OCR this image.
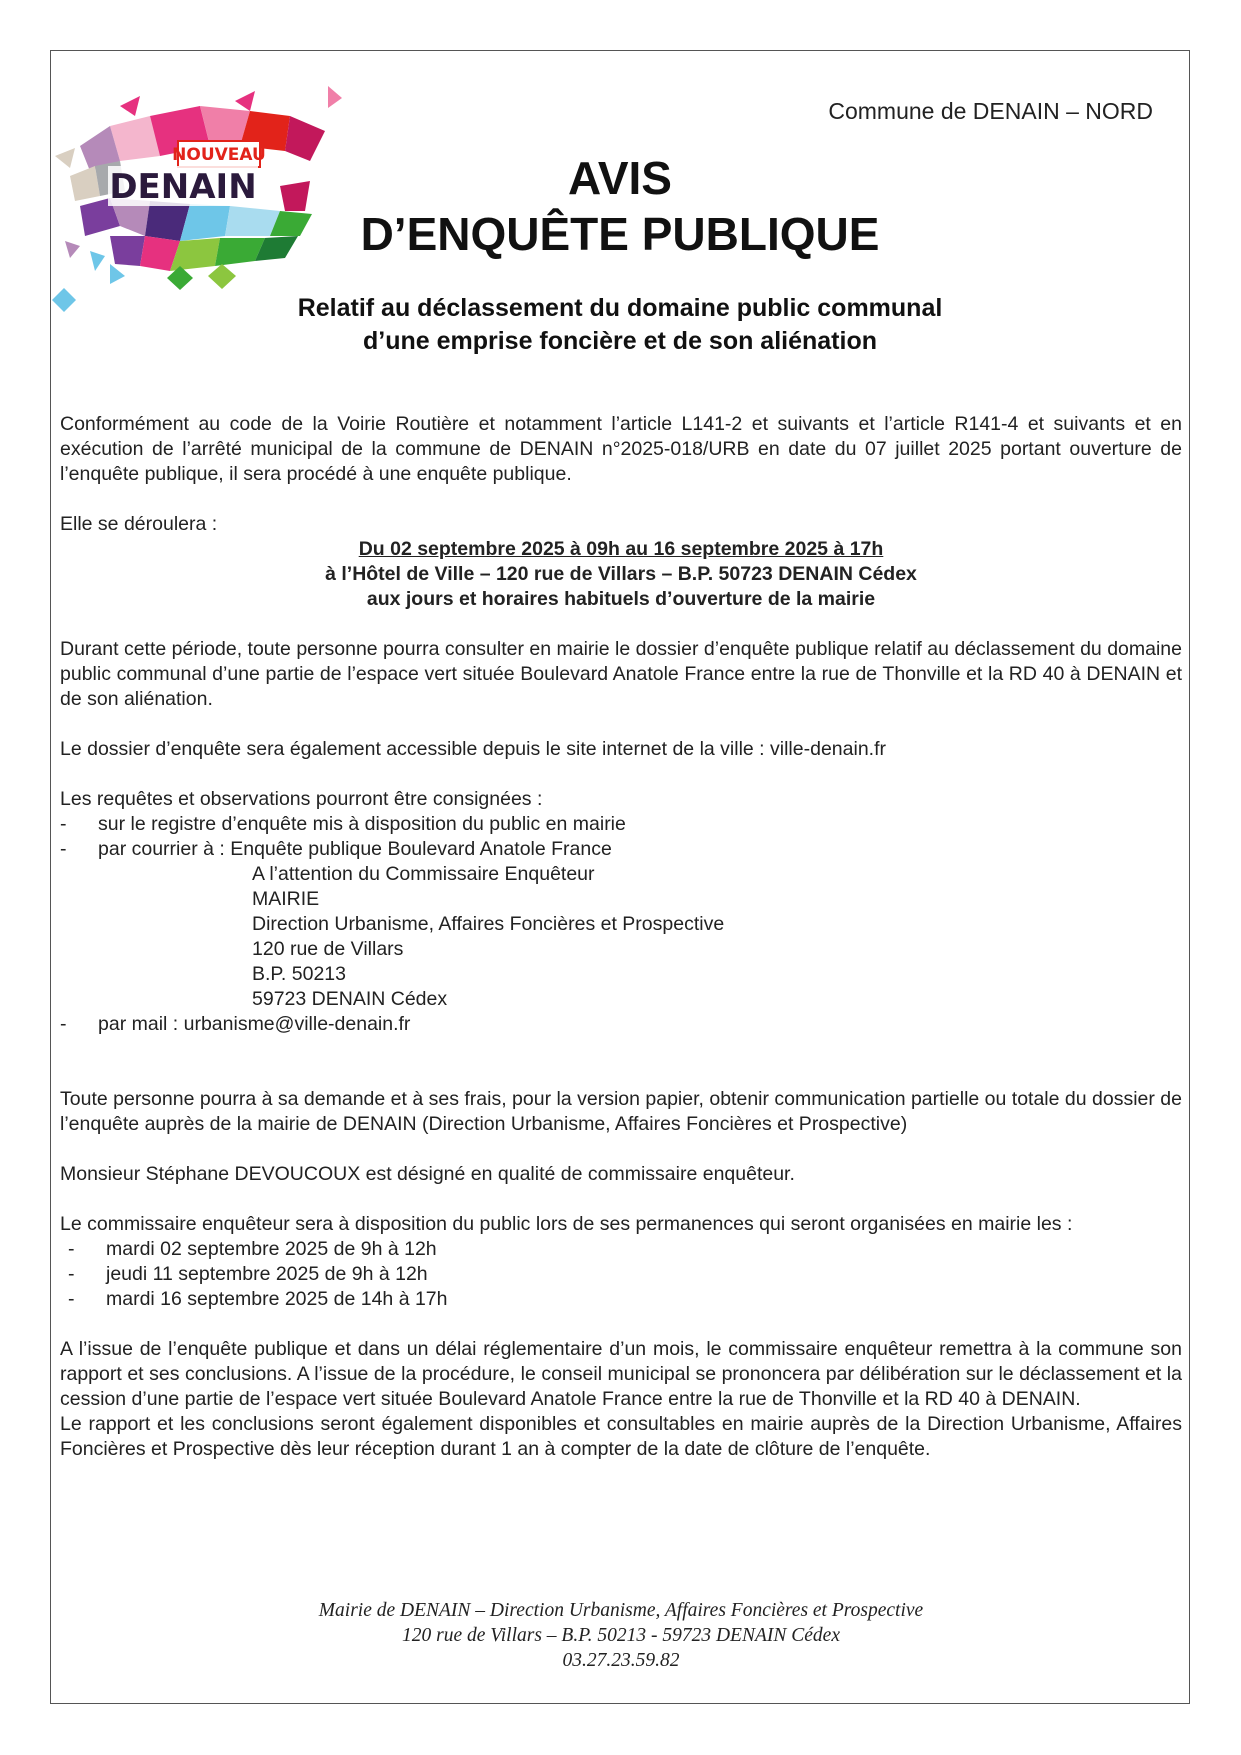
NOUVEAU
DENAIN
Commune de DENAIN – NORD
AVIS
D’ENQUÊTE PUBLIQUE
Relatif au déclassement du domaine public communal
d’une emprise foncière et de son aliénation

Conformément au code de la Voirie Routière et notamment l’article L141-2 et suivants et l’article R141-4 et suivants et en exécution de l’arrêté municipal de la commune de DENAIN n°2025-018/URB en date du 07 juillet 2025 portant ouverture de l’enquête publique, il sera procédé à une enquête publique.

Elle se déroulera :

Du 02 septembre 2025 à 09h au 16 septembre 2025 à 17h

à l’Hôtel de Ville – 120 rue de Villars – B.P. 50723 DENAIN Cédex

aux jours et horaires habituels d’ouverture de la mairie

Durant cette période, toute personne pourra consulter en mairie le dossier d’enquête publique relatif au déclassement du domaine public communal d’une partie de l’espace vert située Boulevard Anatole France entre la rue de Thonville et la RD 40 à DENAIN et de son aliénation.

Le dossier d’enquête sera également accessible depuis le site internet de la ville : ville-denain.fr

Les requêtes et observations pourront être consignées :

- sur le registre d’enquête mis à disposition du public en mairie

- par courrier à : Enquête publique Boulevard Anatole France

A l’attention du Commissaire Enquêteur

MAIRIE

Direction Urbanisme, Affaires Foncières et Prospective

120 rue de Villars

B.P. 50213

59723 DENAIN Cédex

- par mail : urbanisme@ville-denain.fr

Toute personne pourra à sa demande et à ses frais, pour la version papier, obtenir communication partielle ou totale du dossier de l’enquête auprès de la mairie de DENAIN (Direction Urbanisme, Affaires Foncières et Prospective)

Monsieur Stéphane DEVOUCOUX est désigné en qualité de commissaire enquêteur.

Le commissaire enquêteur sera à disposition du public lors de ses permanences qui seront organisées en mairie les :

- mardi 02 septembre 2025 de 9h à 12h

- jeudi 11 septembre 2025 de 9h à 12h

- mardi 16 septembre 2025 de 14h à 17h

A l’issue de l’enquête publique et dans un délai réglementaire d’un mois, le commissaire enquêteur remettra à la commune son rapport et ses conclusions. A l’issue de la procédure, le conseil municipal se prononcera par délibération sur le déclassement et la cession d’une partie de l’espace vert située Boulevard Anatole France entre la rue de Thonville et la RD 40 à DENAIN.

Le rapport et les conclusions seront également disponibles et consultables en mairie auprès de la Direction Urbanisme, Affaires Foncières et Prospective dès leur réception durant 1 an à compter de la date de clôture de l’enquête.

Mairie de DENAIN – Direction Urbanisme, Affaires Foncières et Prospective
120 rue de Villars – B.P. 50213 - 59723 DENAIN Cédex
03.27.23.59.82
